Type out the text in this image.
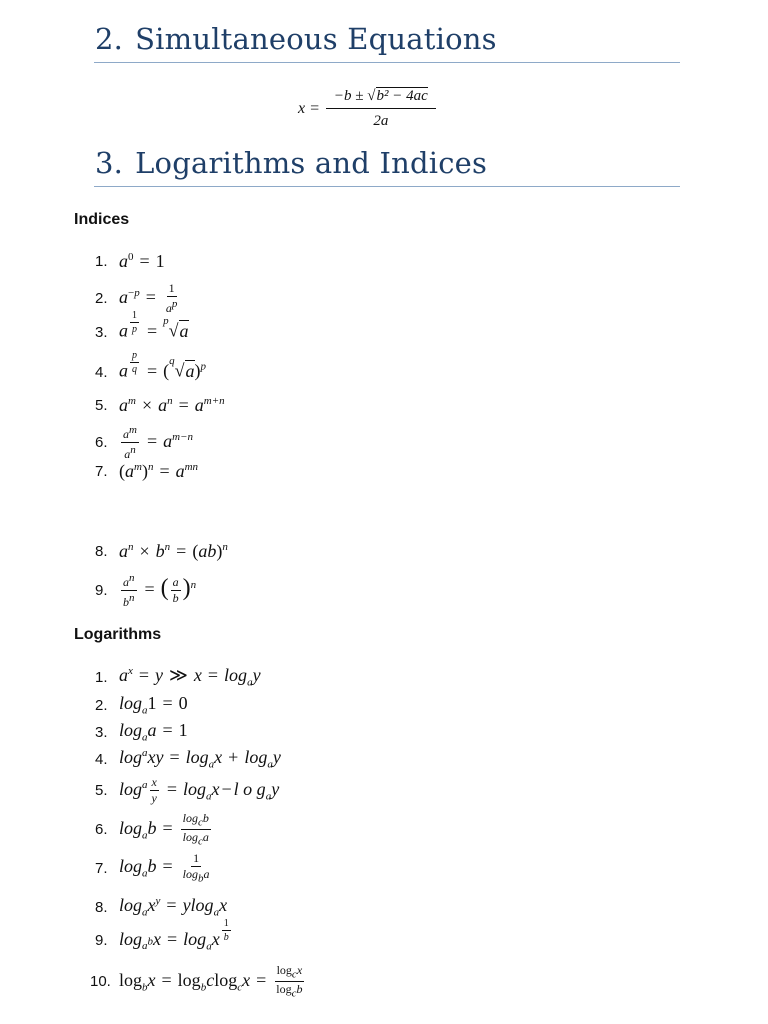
2. Simultaneous Equations
$x = \frac{\text{−b ± √b² − 4ac}}{2a}$
3. Logarithms and Indices
Indices
1. $a^0 = 1$
2. $a^{-p} = \frac{1}{a^p}$
3. a $\frac{1}{p} = ^p√a$
4. a $\frac{p}{q} = (^q√a)^p$
5. $a^m \times a^n = a^{m+n}$
6.	$\frac{a^m}{a^n} = a^{m-n}$
7. $(a^m)^n = a^{mn}$
8. $a^n \times b^n = (ab)^n$
9.	$\frac{a^n}{b^n}$ = ( $\frac{a}{b} )^n$
Logarithms
1. $a^x = y$ ≫ $x = \log_ay$
2. $\log_a1 = 0$
3. $\log_aa = 1$
4. $\log^axy = \log_ax + \log_ay$
5. $\log^a \frac{x}{y} = \log_ax - l$ o $g_ay$
6. $\log_ab = \frac{\log_cb}{\log_ca}$
7. $\log_ab = \frac{1}{\log_ba}$
8. $\log_ax^y = ylog_ax$
9. $\log_{a^b}x = \log_ax \frac{1}{b}$
10. $\log_bx = \log_bclog_cx = \frac{\log_cx}{\log_cb}$
